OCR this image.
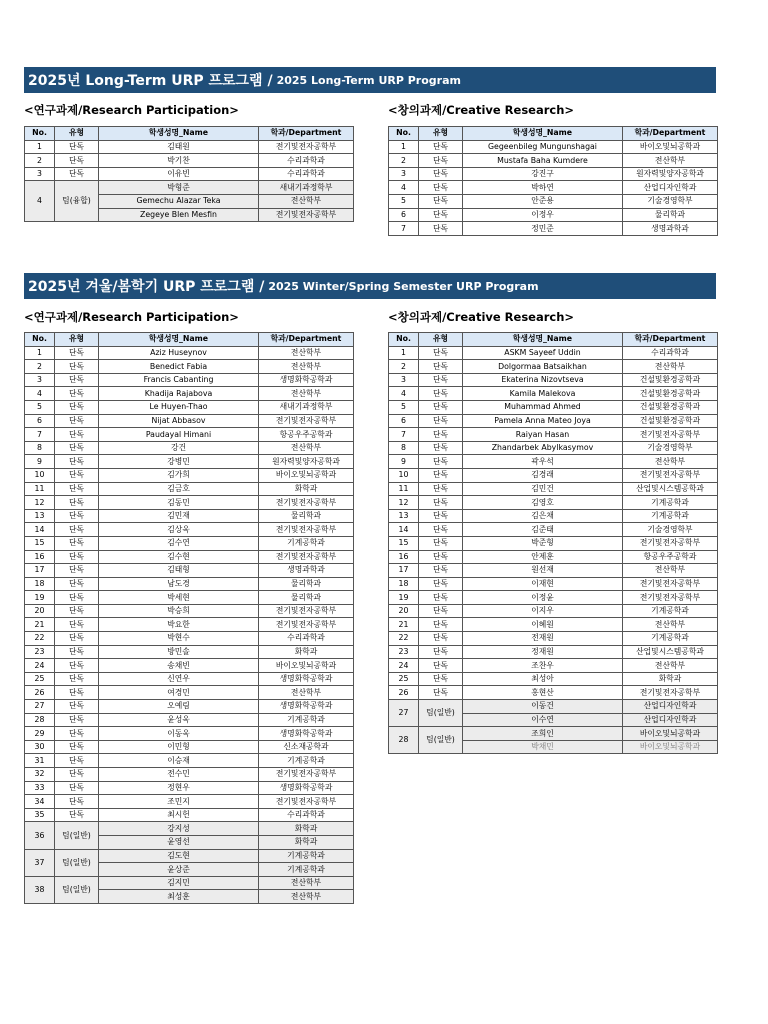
2025년 Long-Term URP 프로그램 / 2025 Long-Term URP Program
<연구과제/Research Participation>	<창의과제/Creative Research>
No.	유형	학생성명_Name	학과/Department
1	단독	김태원	전기및전자공학부
2	단독	박기찬	수리과학과
3	단독	이유빈	수리과학과
4	팀(융합)	박형준	새내기과정학부
		Gemechu Alazar Teka	전산학부
		Zegeye Blen Mesfin	전기및전자공학부
No.	유형	학생성명_Name	학과/Department
1	단독	Gegeenbileg Mungunshagai	바이오및뇌공학과
2	단독	Mustafa Baha Kumdere	전산학부
3	단독	강진구	원자력및양자공학과
4	단독	박하연	산업디자인학과
5	단독	안준용	기술경영학부
6	단독	이정우	물리학과
7	단독	정민준	생명과학과
2025년 겨울/봄학기 URP 프로그램 / 2025 Winter/Spring Semester URP Program
<연구과제/Research Participation>	<창의과제/Creative Research>
No.	유형	학생성명_Name	학과/Department
1	단독	Aziz Huseynov	전산학부
2	단독	Benedict Fabia	전산학부
3	단독	Francis Cabanting	생명화학공학과
4	단독	Khadija Rajabova	전산학부
5	단독	Le Huyen-Thao	새내기과정학부
6	단독	Nijat Abbasov	전기및전자공학부
7	단독	Paudayal Himani	항공우주공학과
8	단독	강건	전산학부
9	단독	강병민	원자력및양자공학과
10	단독	김가희	바이오및뇌공학과
11	단독	김금호	화학과
12	단독	김동민	전기및전자공학부
13	단독	김민재	물리학과
14	단독	김상욱	전기및전자공학부
15	단독	김수연	기계공학과
16	단독	김수현	전기및전자공학부
17	단독	김태형	생명과학과
18	단독	남도경	물리학과
19	단독	박세현	물리학과
20	단독	박승희	전기및전자공학부
21	단독	박요한	전기및전자공학부
22	단독	박현수	수리과학과
23	단독	방민솔	화학과
24	단독	송채빈	바이오및뇌공학과
25	단독	신연우	생명화학공학과
26	단독	여경민	전산학부
27	단독	오예림	생명화학공학과
28	단독	윤성욱	기계공학과
29	단독	이동욱	생명화학공학과
30	단독	이민형	신소재공학과
31	단독	이승재	기계공학과
32	단독	전수민	전기및전자공학부
33	단독	정현우	생명화학공학과
34	단독	조민지	전기및전자공학부
35	단독	최시헌	수리과학과
36	팀(일반)	강지성	화학과
		윤영선	화학과
37	팀(일반)	김도현	기계공학과
		윤상준	기계공학과
38	팀(일반)	김지민	전산학부
		최성훈	전산학부
No.	유형	학생성명_Name	학과/Department
1	단독	ASKM Sayeef Uddin	수리과학과
2	단독	Dolgormaa Batsaikhan	전산학부
3	단독	Ekaterina Nizovtseva	건설및환경공학과
4	단독	Kamila Malekova	건설및환경공학과
5	단독	Muhammad Ahmed	건설및환경공학과
6	단독	Pamela Anna Mateo Joya	건설및환경공학과
7	단독	Raiyan Hasan	전기및전자공학부
8	단독	Zhandarbek Abylkasymov	기술경영학부
9	단독	곽우석	전산학부
10	단독	김경래	전기및전자공학부
11	단독	김민건	산업및시스템공학과
12	단독	김영호	기계공학과
13	단독	김은채	기계공학과
14	단독	김준태	기술경영학부
15	단독	박준형	전기및전자공학부
16	단독	안제훈	항공우주공학과
17	단독	원선재	전산학부
18	단독	이재현	전기및전자공학부
19	단독	이정윤	전기및전자공학부
20	단독	이지우	기계공학과
21	단독	이혜원	전산학부
22	단독	전재원	기계공학과
23	단독	정재원	산업및시스템공학과
24	단독	조찬우	전산학부
25	단독	최성아	화학과
26	단독	홍현산	전기및전자공학부
27	팀(일반)	이동건	산업디자인학과
		이수연	산업디자인학과
28	팀(일반)	조희인	바이오및뇌공학과
		박채민	바이오및뇌공학과
